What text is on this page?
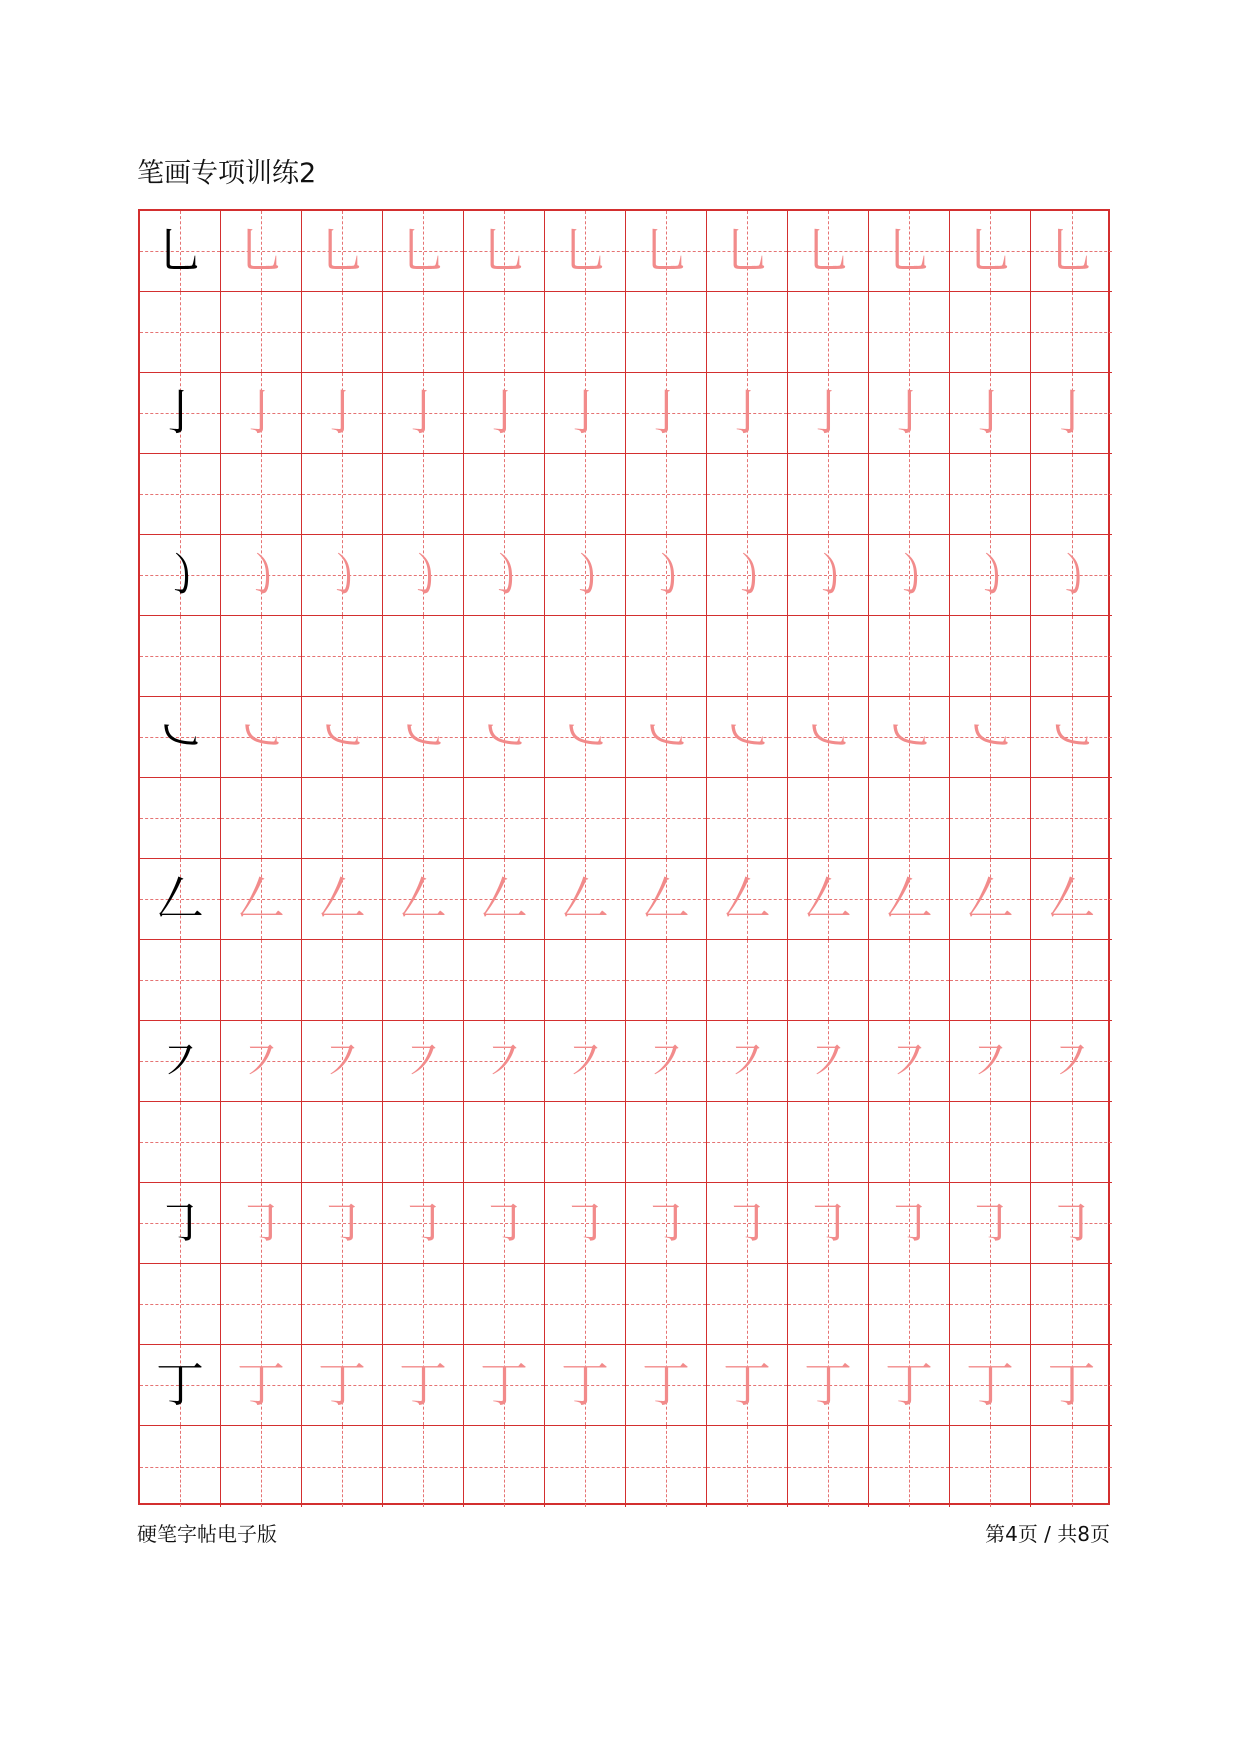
笔画专项训练2
乚 乚 乚 乚 乚 乚 乚 乚 乚 乚 乚 乚
亅 亅 亅 亅 亅 亅 亅 亅 亅 亅 亅 亅
㇁ ㇁ ㇁ ㇁ ㇁ ㇁ ㇁ ㇁ ㇁ ㇁ ㇁ ㇁
㇃ ㇃ ㇃ ㇃ ㇃ ㇃ ㇃ ㇃ ㇃ ㇃ ㇃ ㇃
𠃋 𠃋 𠃋 𠃋 𠃋 𠃋 𠃋 𠃋 𠃋 𠃋 𠃋 𠃋
㇇ ㇇ ㇇ ㇇ ㇇ ㇇ ㇇ ㇇ ㇇ ㇇ ㇇ ㇇
㇆ ㇆ ㇆ ㇆ ㇆ ㇆ ㇆ ㇆ ㇆ ㇆ ㇆ ㇆
丁 丁 丁 丁 丁 丁 丁 丁 丁 丁 丁 丁
硬笔字帖电子版	第4页 / 共8页
